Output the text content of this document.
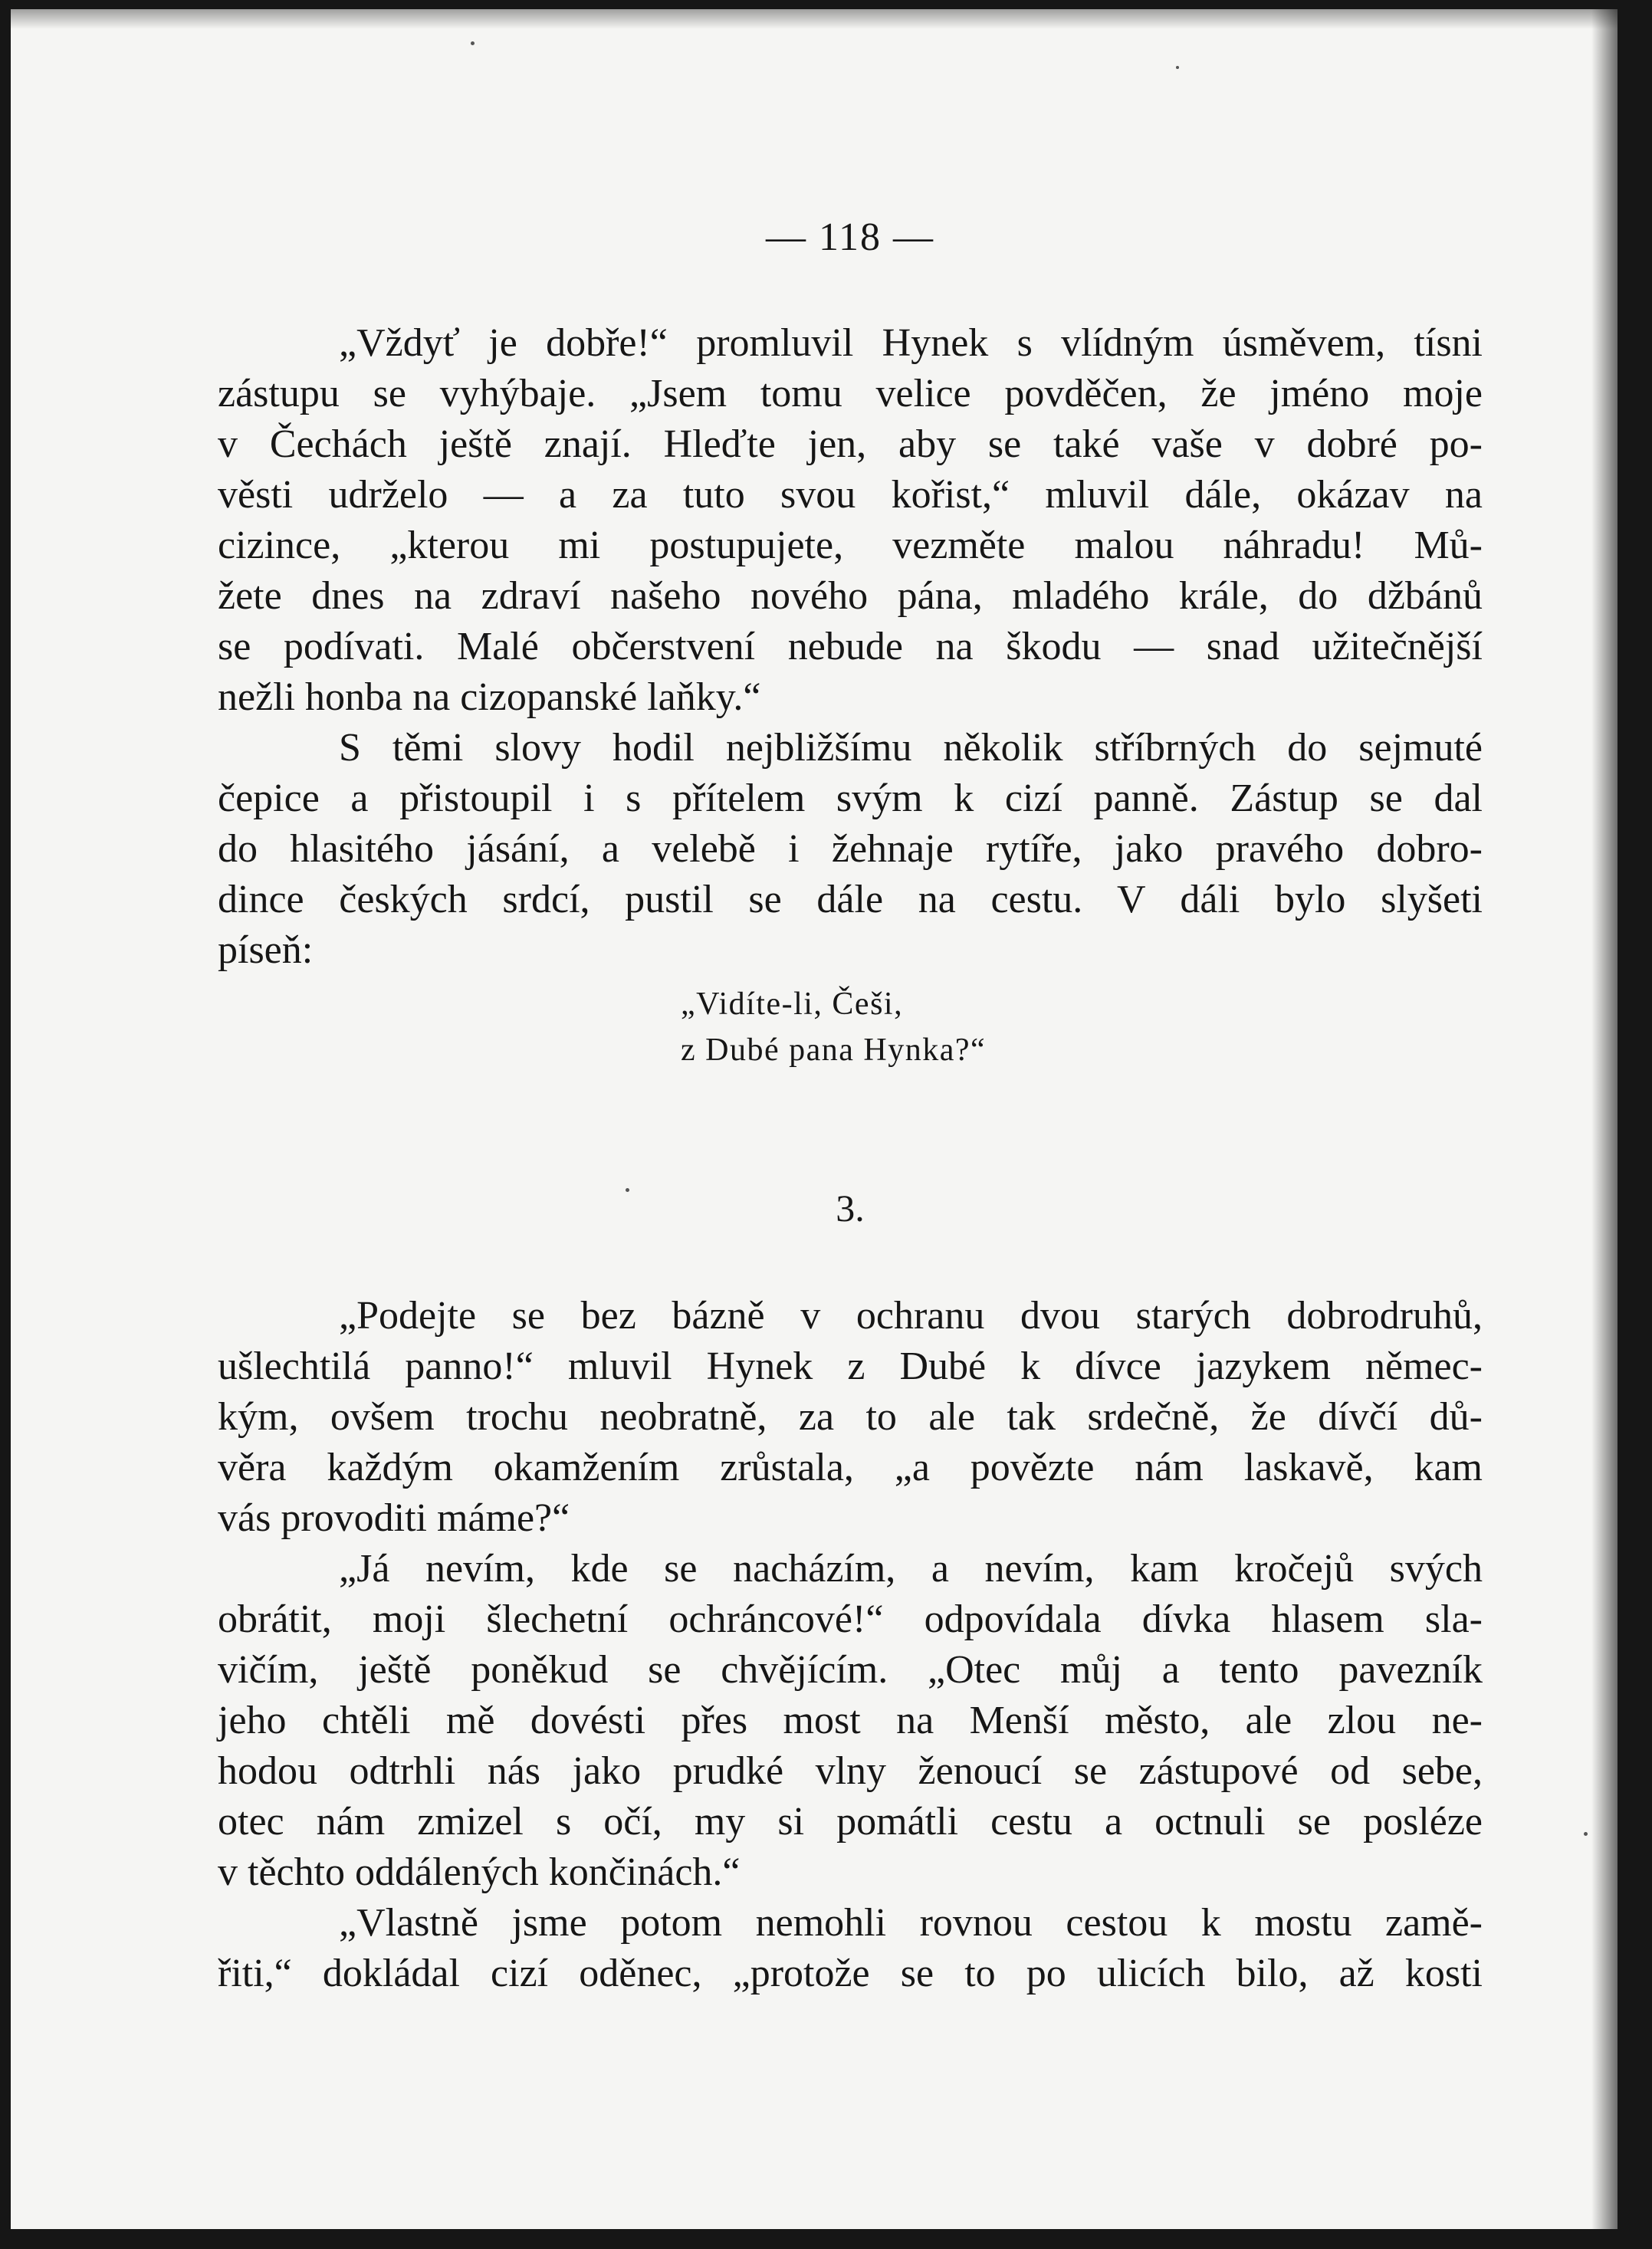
— 118 —
„Vždyť je dobře!“ promluvil Hynek s vlídným úsměvem, tísni
zástupu se vyhýbaje. „Jsem tomu velice povděčen, že jméno moje
v Čechách ještě znají. Hleďte jen, aby se také vaše v dobré po-
věsti udrželo — a za tuto svou kořist,“ mluvil dále, okázav na
cizince, „kterou mi postupujete, vezměte malou náhradu! Mů-
žete dnes na zdraví našeho nového pána, mladého krále, do džbánů
se podívati. Malé občerstvení nebude na škodu — snad užitečnější
nežli honba na cizopanské laňky.“
S těmi slovy hodil nejbližšímu několik stříbrných do sejmuté
čepice a přistoupil i s přítelem svým k cizí panně. Zástup se dal
do hlasitého jásání, a velebě i žehnaje rytíře, jako pravého dobro-
dince českých srdcí, pustil se dále na cestu. V dáli bylo slyšeti
píseň:
„Vidíte-li, Češi,
z Dubé pana Hynka?“
3.
„Podejte se bez bázně v ochranu dvou starých dobrodruhů,
ušlechtilá panno!“ mluvil Hynek z Dubé k dívce jazykem němec-
kým, ovšem trochu neobratně, za to ale tak srdečně, že dívčí dů-
věra každým okamžením zrůstala, „a povězte nám laskavě, kam
vás provoditi máme?“
„Já nevím, kde se nacházím, a nevím, kam kročejů svých
obrátit, moji šlechetní ochráncové!“ odpovídala dívka hlasem sla-
vičím, ještě poněkud se chvějícím. „Otec můj a tento pavezník
jeho chtěli mě dovésti přes most na Menší město, ale zlou ne-
hodou odtrhli nás jako prudké vlny ženoucí se zástupové od sebe,
otec nám zmizel s očí, my si pomátli cestu a octnuli se posléze
v těchto oddálených končinách.“
„Vlastně jsme potom nemohli rovnou cestou k mostu zamě-
řiti,“ dokládal cizí oděnec, „protože se to po ulicích bilo, až kosti
